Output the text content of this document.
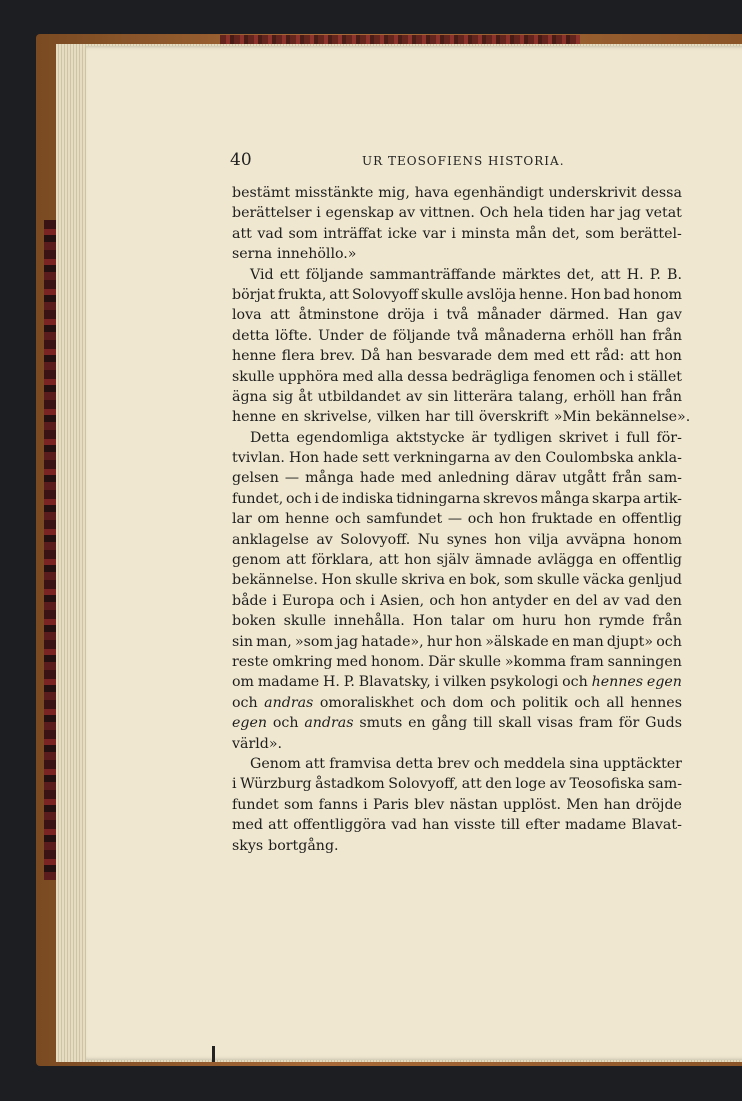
40	UR TEOSOFIENS HISTORIA.
bestämt misstänkte mig, hava egenhändigt underskrivit dessa
berättelser i egenskap av vittnen. Och hela tiden har jag vetat
att vad som inträffat icke var i minsta mån det, som berättel-
serna innehöllo.»
Vid ett följande sammanträffande märktes det, att H. P. B.
börjat frukta, att Solovyoff skulle avslöja henne. Hon bad honom
lova att åtminstone dröja i två månader därmed. Han gav
detta löfte. Under de följande två månaderna erhöll han från
henne flera brev. Då han besvarade dem med ett råd: att hon
skulle upphöra med alla dessa bedrägliga fenomen och i stället
ägna sig åt utbildandet av sin litterära talang, erhöll han från
henne en skrivelse, vilken har till överskrift »Min bekännelse».
Detta egendomliga aktstycke är tydligen skrivet i full för-
tvivlan. Hon hade sett verkningarna av den Coulombska ankla-
gelsen — många hade med anledning därav utgått från sam-
fundet, och i de indiska tidningarna skrevos många skarpa artik-
lar om henne och samfundet — och hon fruktade en offentlig
anklagelse av Solovyoff. Nu synes hon vilja avväpna honom
genom att förklara, att hon själv ämnade avlägga en offentlig
bekännelse. Hon skulle skriva en bok, som skulle väcka genljud
både i Europa och i Asien, och hon antyder en del av vad den
boken skulle innehålla. Hon talar om huru hon rymde från
sin man, »som jag hatade», hur hon »älskade en man djupt» och
reste omkring med honom. Där skulle »komma fram sanningen
om madame H. P. Blavatsky, i vilken psykologi och hennes egen
och andras omoraliskhet och dom och politik och all hennes
egen och andras smuts en gång till skall visas fram för Guds
värld».
Genom att framvisa detta brev och meddela sina upptäckter
i Würzburg åstadkom Solovyoff, att den loge av Teosofiska sam-
fundet som fanns i Paris blev nästan upplöst. Men han dröjde
med att offentliggöra vad han visste till efter madame Blavat-
skys bortgång.
